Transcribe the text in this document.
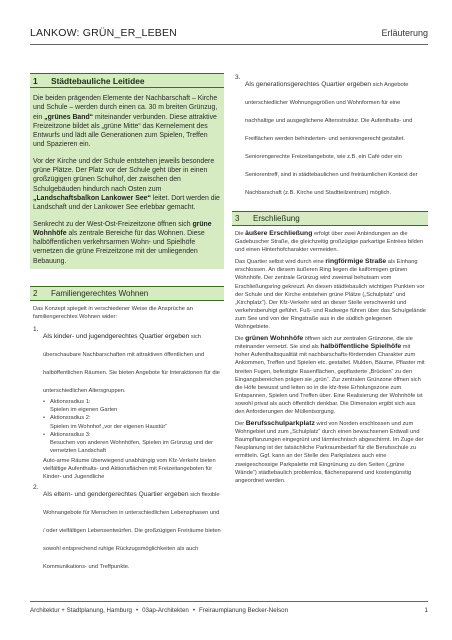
LANKOW: GRÜN_ER_LEBEN	Erläuterung
1	Städtebauliche Leitidee

Die beiden prägenden Elemente der Nachbarschaft – Kirche und Schule – werden durch einen ca. 30 m breiten Grünzug, ein „grünes Band“ miteinander verbunden. Diese attraktive Freizeitzone bildet als „grüne Mitte“ das Kernelement des Entwurfs und lädt alle Generationen zum Spielen, Treffen und Spazieren ein.

Vor der Kirche und der Schule entstehen jeweils besondere grüne Plätze. Der Platz vor der Schule geht über in einen großzügigen grünen Schulhof, der zwischen den Schulgebäuden hindurch nach Osten zum „Landschaftsbalkon Lankower See“ leitet. Dort werden die Landschaft und der Lankower See erlebbar gemacht.

Senkrecht zu der West-Ost-Freizeitzone öffnen sich grüne Wohnhöfe als zentrale Bereiche für das Wohnen. Diese halböffentlichen verkehrsarmen Wohn- und Spielhöfe vernetzen die grüne Freizeitzone mit der umliegenden Bebauung.

2	Familiengerechtes Wohnen

Das Konzept spiegelt in verschiedener Weise die Ansprüche an familiengerechtes Wohnen wider:

1.
Als kinder- und jugendgerechtes Quartier ergeben sich überschaubare Nachbarschaften mit attraktiven öffentlichen und halböffentlichen Räumen. Sie bieten Angebote für Interaktionen für die unterschiedlichen Altersgruppen.
• Aktionsradius 1:
Spielen im eigenen Garten
• Aktionsradius 2:
Spielen im Wohnhof „vor der eigenen Haustür“
• Aktionsradius 3:
Besuchen von anderen Wohnhöfen, Spielen im Grünzug und der vernetzten Landschaft
Auto-arme Räume überwiegend unabhängig vom Kfz-Verkehr bieten vielfältige Aufenthalts- und Aktionsflächen mit Freizeitangeboten für Kinder- und Jugendliche
2.
Als eltern- und gendergerechtes Quartier ergeben sich flexible Wohnangebote für Menschen in unterschiedlichen Lebensphasen und / oder vielfältigen Lebensentwürfen. Die großzügigen Freiräume bieten sowohl entsprechend ruhige Rückzugsmöglichkeiten als auch Kommunikations- und Treffpunkte.
3.
Als generationsgerechtes Quartier ergeben sich Angebote unterschiedlicher Wohnungsgrößen und Wohnformen für eine nachhaltige und ausgeglichene Altersstruktur. Die Aufenthalts- und Freiflächen werden behinderten- und seniorengerecht gestaltet. Seniorengerechte Freizeitangebote, wie z.B. ein Café oder ein Seniorentreff, sind in städtebaulichen und freiräumlichen Kontext der Nachbarschaft (z.B. Kirche und Stadtteilzentrum) möglich.
3	Erschließung

Die äußere Erschließung erfolgt über zwei Anbindungen an die Gadebuscher Straße, die gleichzeitig großzügige parkartige Entrées bilden und einen Hinterhofcharakter vermeiden.

Das Quartier selbst wird durch eine ringförmige Straße als Einhang erschlossen. An diesem äußeren Ring liegen die kaiförmigen grünen Wohnhöfe. Der zentrale Grünzug wird zweimal behutsam vom Erschließungsring gekreuzt. An diesen städtebaulich wichtigen Punkten vor der Schule und der Kirche entstehen grüne Plätze („Schulplatz“ und „Kirchplatz“). Der Kfz-Verkehr wird an dieser Stelle verschwenkt und verkehrsberuhigt geführt. Fuß- und Radwege führen über das Schulgelände zum See und von der Ringstraße aus in die südlich gelegenen Wohngebiete.

Die grünen Wohnhöfe öffnen sich zur zentralen Grünzone, die sie miteinander vernetzt. Sie sind als halböffentliche Spielhöfe mit hoher Aufenthaltsqualität mit nachbarschafts-fördernden Charakter zum Ankommen, Treffen und Spielen etc. gestaltet. Mulden, Bäume, Pflaster mit breiten Fugen, befestigte Rasenflächen, gepflasterte „Brücken“ zu den Eingangsbereichen prägen sie „grün“. Zur zentralen Grünzone öffnen sich die Höfe bewusst und leiten so in die kfz-freie Erholungszone zum Entspannen, Spielen und Treffen über. Eine Realisierung der Wohnhöfe ist sowohl privat als auch öffentlich denkbar. Die Dimension ergibt sich aus den Anforderungen der Müllentsorgung.

Der Berufsschulparkplatz wird von Norden erschlossen und zum Wohngebiet und zum „Schulplatz“ durch einen bewachsenen Erdwall und Baumpflanzungen eingegrünt und lärmtechnisch abgeschirmt. Im Zuge der Neuplanung ist der tatsächliche Parkraumbedarf für die Berufsschule zu ermitteln. Ggf. kann an der Stelle des Parkplatzes auch eine zweigeschossige Parkpalette mit Eingrünung zu den Seiten („grüne Wände“) städtebaulich problemlos, flächensparend und kostengünstig angeordnet werden.

Architektur + Stadtplanung, Hamburg • 03ap-Architekten • Freiraumplanung Becker-Nelson	1
